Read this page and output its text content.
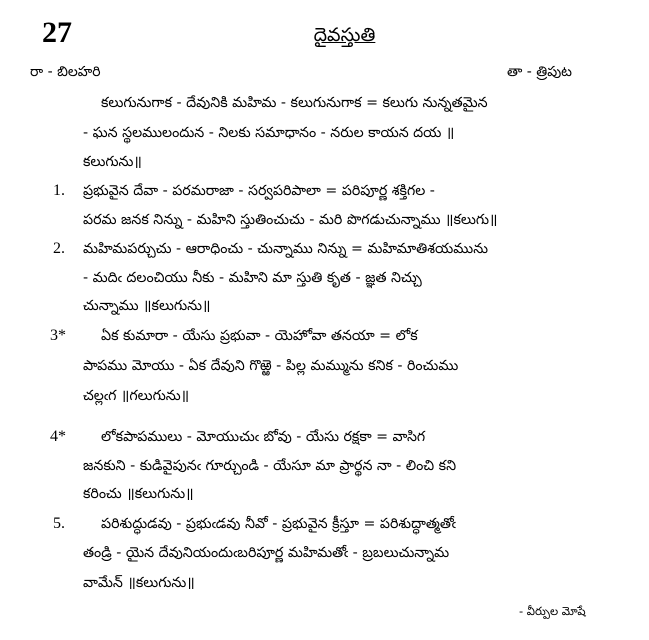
27	దైవస్తుతి
రా - బిలహరి	తా - త్రిపుట
కలుగునుగాక - దేవునికి మహిమ - కలుగునుగాక = కలుగు నున్నతమైన
- ఘన స్థలములందున - నిలకు సమాధానం - నరుల కాయన దయ ॥
కలుగును॥
1. ప్రభువైన దేవా - పరమరాజా - సర్వపరిపాలా = పరిపూర్ణ శక్తిగల -
పరమ జనక నిన్ను - మహిని స్తుతించుచు - మరి పొగడుచున్నాము ॥కలుగు॥
2. మహిమపర్చుచు - ఆరాధించు - చున్నాము నిన్ను = మహిమాతిశయమును
- మదిఁ దలంచియు నీకు - మహిని మా స్తుతి కృత - జ్ఞత నిచ్చు
చున్నాము ॥కలుగును॥
3* ఏక కుమారా - యేసు ప్రభువా - యెహోవా తనయా = లోక
పాపము మోయు - ఏక దేవుని గొఱ్ఱె - పిల్ల మమ్మును కనిక - రించుము
చల్లఁగ ॥గలుగును॥
4* లోకపాపములు - మోయుచుఁ బోవు - యేసు రక్షకా = వాసిగ
జనకుని - కుడివైపునఁ గూర్చుండి - యేసూ మా ప్రార్థన నా - లించి కని
కరించు ॥కలుగును॥
5.	పరిశుద్ధుడవు - ప్రభుఁడవు నీవో - ప్రభువైన క్రీస్తూ = పరిశుద్ధాత్మతోఁ
తండ్రి - యైన దేవునియందుఁబరిపూర్ణ మహిమతోఁ - బ్రబలుచున్నామ
వామేన్ ॥కలుగును॥
- వీర్పుల మోషే
